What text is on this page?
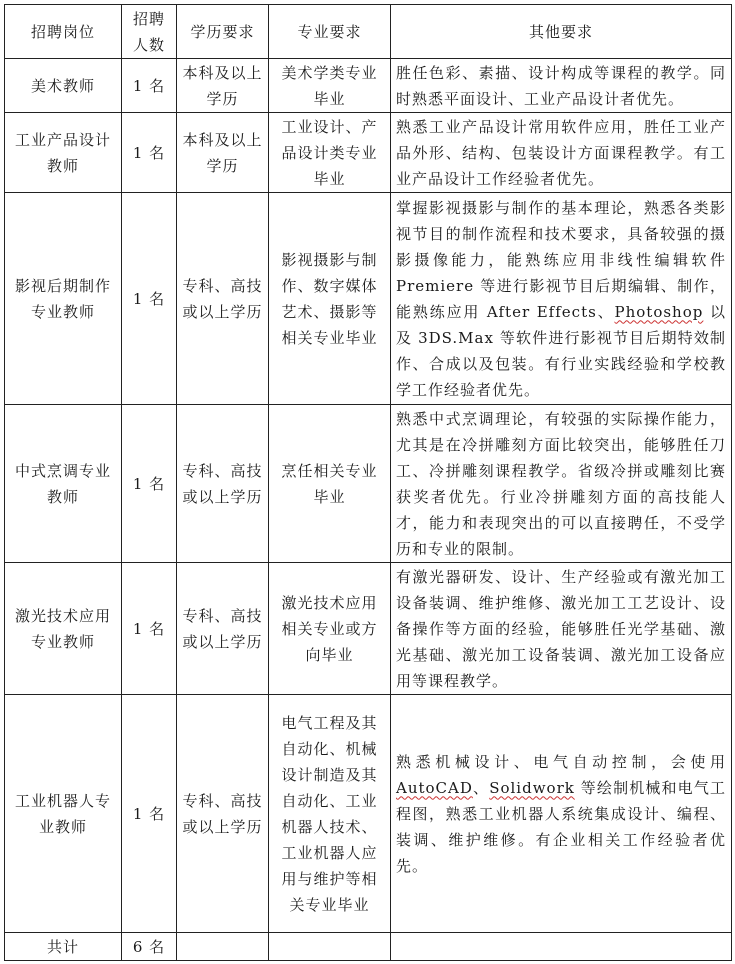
招聘岗位	招聘人数	学历要求	专业要求	其他要求
美术教师	1 名	本科及以上学历	美术学类专业毕业	胜任色彩、素描、设计构成等课程的教学。同时熟悉平面设计、工业产品设计者优先。
工业产品设计教师	1 名	本科及以上学历	工业设计、产品设计类专业毕业	熟悉工业产品设计常用软件应用，胜任工业产品外形、结构、包装设计方面课程教学。有工业产品设计工作经验者优先。
影视后期制作专业教师	1 名	专科、高技或以上学历	影视摄影与制作、数字媒体艺术、摄影等相关专业毕业	掌握影视摄影与制作的基本理论，熟悉各类影视节目的制作流程和技术要求，具备较强的摄影摄像能力，能熟练应用非线性编辑软件 Premiere 等进行影视节目后期编辑、制作，能熟练应用 After Effects、Photoshop 以及 3DS.Max 等软件进行影视节目后期特效制作、合成以及包装。有行业实践经验和学校教学工作经验者优先。
中式烹调专业教师	1 名	专科、高技或以上学历	烹任相关专业毕业	熟悉中式烹调理论，有较强的实际操作能力，尤其是在冷拼雕刻方面比较突出，能够胜任刀工、冷拼雕刻课程教学。省级冷拼或雕刻比赛获奖者优先。行业冷拼雕刻方面的高技能人才，能力和表现突出的可以直接聘任，不受学历和专业的限制。
激光技术应用专业教师	1 名	专科、高技或以上学历	激光技术应用相关专业或方向毕业	有激光器研发、设计、生产经验或有激光加工设备装调、维护维修、激光加工工艺设计、设备操作等方面的经验，能够胜任光学基础、激光基础、激光加工设备装调、激光加工设备应用等课程教学。
工业机器人专业教师	1 名	专科、高技或以上学历	电气工程及其自动化、机械设计制造及其自动化、工业机器人技术、工业机器人应用与维护等相关专业毕业	熟悉机械设计、电气自动控制，会使用 AutoCAD、Solidwork 等绘制机械和电气工程图，熟悉工业机器人系统集成设计、编程、装调、维护维修。有企业相关工作经验者优先。
共计	6 名			
